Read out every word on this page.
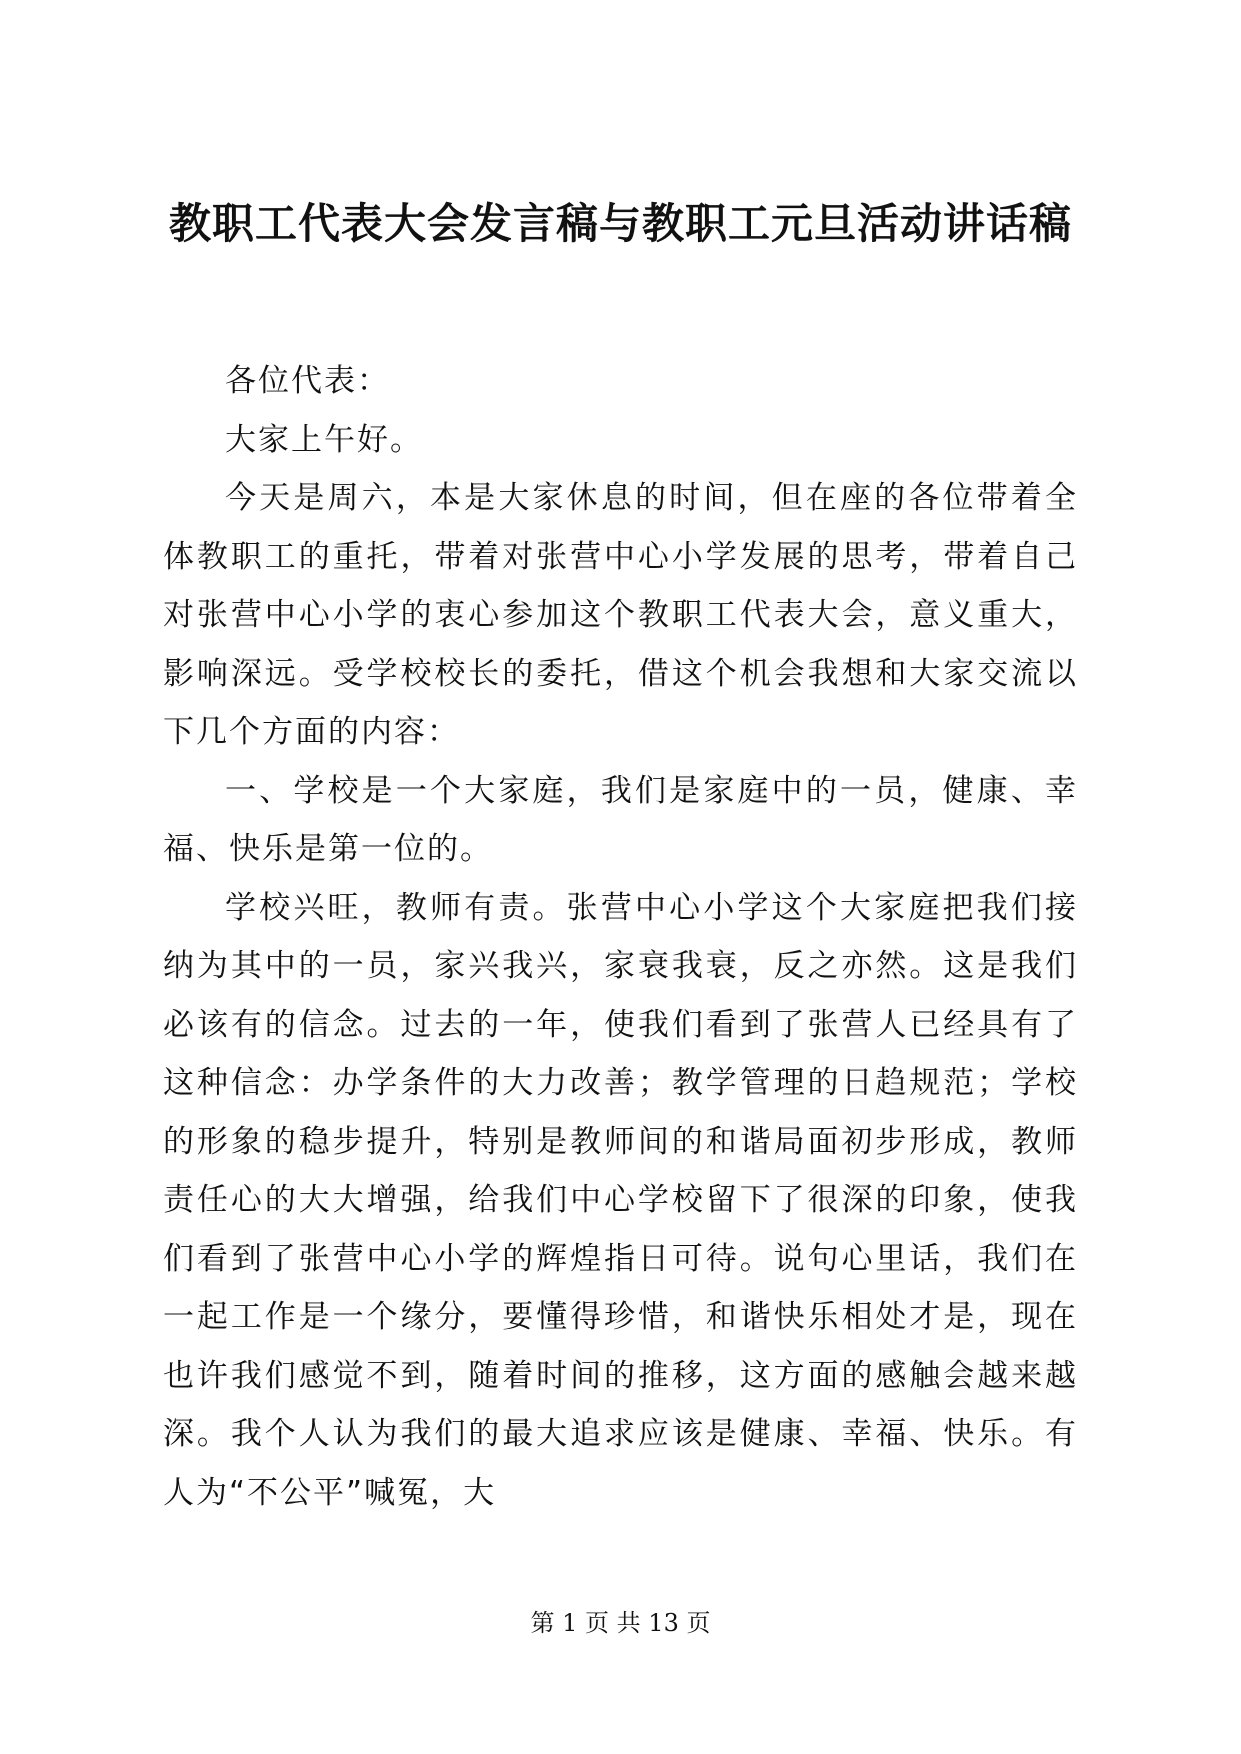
教职工代表大会发言稿与教职工元旦活动讲话稿

各位代表：

大家上午好。

今天是周六，本是大家休息的时间，但在座的各位带着全体教职工的重托，带着对张营中心小学发展的思考，带着自己对张营中心小学的衷心参加这个教职工代表大会，意义重大，影响深远。受学校校长的委托，借这个机会我想和大家交流以下几个方面的内容：

一、学校是一个大家庭，我们是家庭中的一员，健康、幸福、快乐是第一位的。

学校兴旺，教师有责。张营中心小学这个大家庭把我们接纳为其中的一员，家兴我兴，家衰我衰，反之亦然。这是我们必该有的信念。过去的一年，使我们看到了张营人已经具有了这种信念：办学条件的大力改善；教学管理的日趋规范；学校的形象的稳步提升，特别是教师间的和谐局面初步形成，教师责任心的大大增强，给我们中心学校留下了很深的印象，使我们看到了张营中心小学的辉煌指日可待。说句心里话，我们在一起工作是一个缘分，要懂得珍惜，和谐快乐相处才是，现在也许我们感觉不到，随着时间的推移，这方面的感触会越来越深。我个人认为我们的最大追求应该是健康、幸福、快乐。有人为“不公平”喊冤，大

第 1 页 共 13 页
